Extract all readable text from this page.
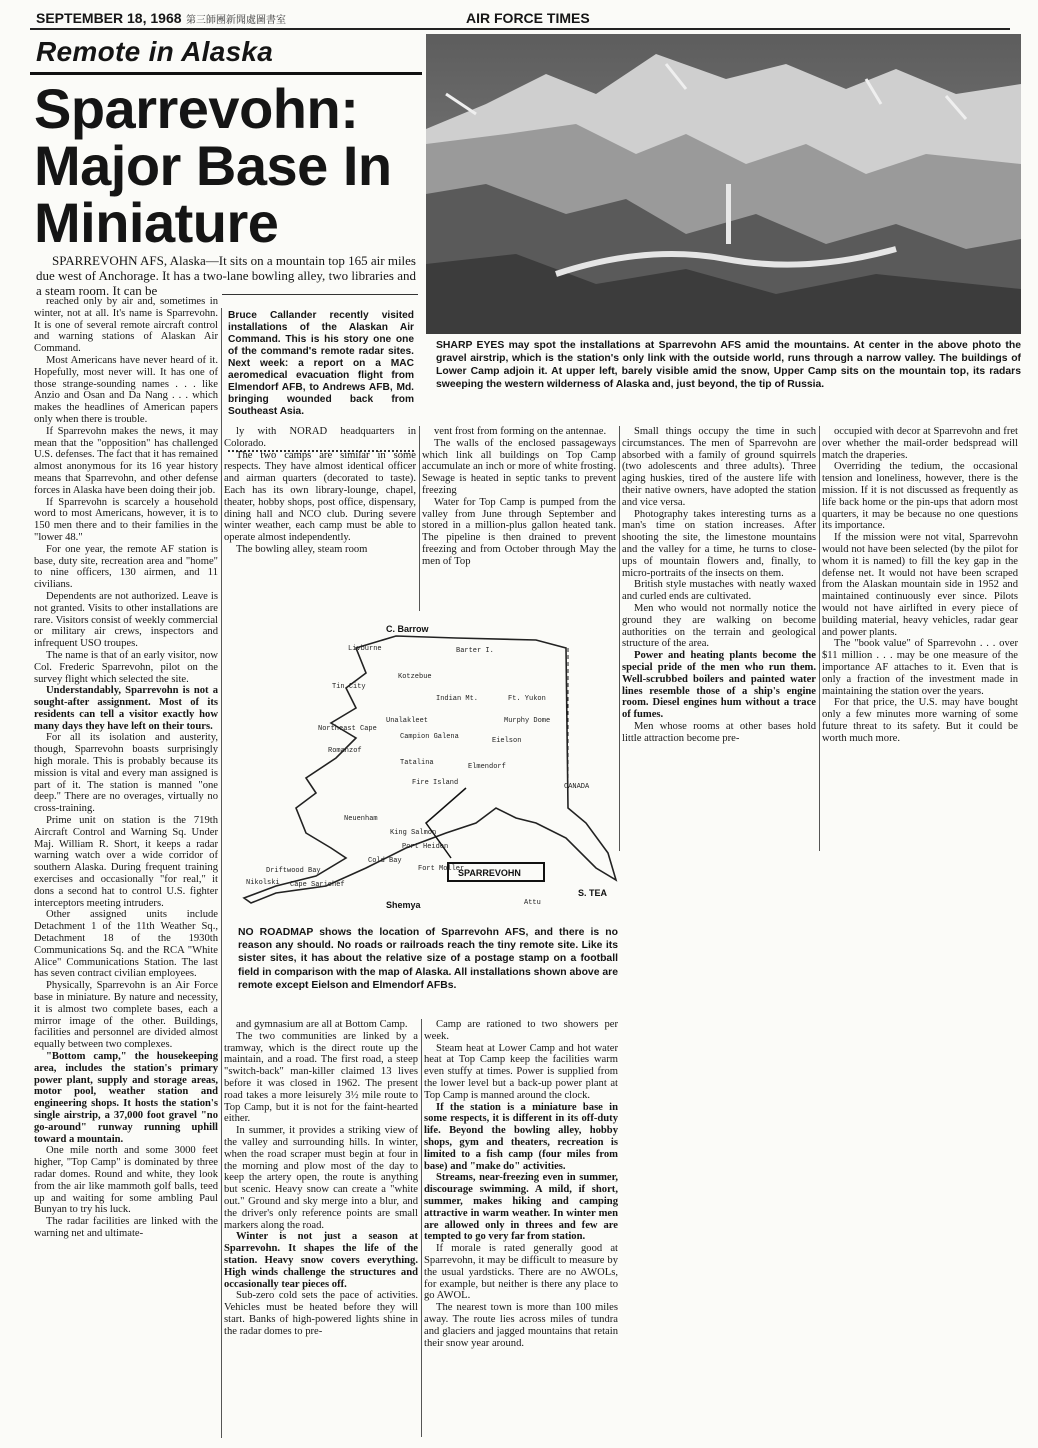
SEPTEMBER 18, 1968 第三師團新聞處圖書室	AIR FORCE TIMES
Remote in Alaska
Sparrevohn: Major Base In Miniature
SHARP EYES may spot the installations at Sparrevohn AFS amid the mountains. At center in the above photo the gravel airstrip, which is the station's only link with the outside world, runs through a narrow valley. The buildings of Lower Camp adjoin it. At upper left, barely visible amid the snow, Upper Camp sits on the mountain top, its radars sweeping the western wilderness of Alaska and, just beyond, the tip of Russia.
SPARREVOHN AFS, Alaska—It sits on a mountain top 165 air miles due west of Anchorage. It has a two-lane bowling alley, two libraries and a steam room. It can be
Bruce Callander recently visited installations of the Alaskan Air Command. This is his story one one of the command's remote radar sites. Next week: a report on a MAC aeromedical evacuation flight from Elmendorf AFB, to Andrews AFB, Md. bringing wounded back from Southeast Asia.

reached only by air and, sometimes in winter, not at all. It's name is Sparrevohn. It is one of several remote aircraft control and warning stations of Alaskan Air Command.

Most Americans have never heard of it. Hopefully, most never will. It has one of those strange-sounding names . . . like Anzio and Osan and Da Nang . . . which makes the headlines of American papers only when there is trouble.

If Sparrevohn makes the news, it may mean that the "opposition" has challenged U.S. defenses. The fact that it has remained almost anonymous for its 16 year history means that Sparrevohn, and other defense forces in Alaska have been doing their job.

If Sparrevohn is scarcely a household word to most Americans, however, it is to 150 men there and to their families in the "lower 48."

For one year, the remote AF station is base, duty site, recreation area and "home" to nine officers, 130 airmen, and 11 civilians.

Dependents are not authorized. Leave is not granted. Visits to other installations are rare. Visitors consist of weekly commercial or military air crews, inspectors and infrequent USO troupes.

The name is that of an early visitor, now Col. Frederic Sparrevohn, pilot on the survey flight which selected the site.

Understandably, Sparrevohn is not a sought-after assignment. Most of its residents can tell a visitor exactly how many days they have left on their tours.

For all its isolation and austerity, though, Sparrevohn boasts surprisingly high morale. This is probably because its mission is vital and every man assigned is part of it. The station is manned "one deep." There are no overages, virtually no cross-training.

Prime unit on station is the 719th Aircraft Control and Warning Sq. Under Maj. William R. Short, it keeps a radar warning watch over a wide corridor of southern Alaska. During frequent training exercises and occasionally "for real," it dons a second hat to control U.S. fighter interceptors meeting intruders.

Other assigned units include Detachment 1 of the 11th Weather Sq., Detachment 18 of the 1930th Communications Sq. and the RCA "White Alice" Communications Station. The last has seven contract civilian employees.

Physically, Sparrevohn is an Air Force base in miniature. By nature and necessity, it is almost two complete bases, each a mirror image of the other. Buildings, facilities and personnel are divided almost equally between two complexes.

"Bottom camp," the housekeeping area, includes the station's primary power plant, supply and storage areas, motor pool, weather station and engineering shops. It hosts the station's single airstrip, a 37,000 foot gravel "no go-around" runway running uphill toward a mountain.

One mile north and some 3000 feet higher, "Top Camp" is dominated by three radar domes. Round and white, they look from the air like mammoth golf balls, teed up and waiting for some ambling Paul Bunyan to try his luck.

The radar facilities are linked with the warning net and ultimate-

ly with NORAD headquarters in Colorado.

The two camps are similar in some respects. They have almost identical officer and airman quarters (decorated to taste). Each has its own library-lounge, chapel, theater, hobby shops, post office, dispensary, dining hall and NCO club. During severe winter weather, each camp must be able to operate almost independently.

The bowling alley, steam room

vent frost from forming on the antennae.

The walls of the enclosed passageways which link all buildings on Top Camp accumulate an inch or more of white frosting. Sewage is heated in septic tanks to prevent freezing

Water for Top Camp is pumped from the valley from June through September and stored in a million-plus gallon heated tank. The pipeline is then drained to prevent freezing and from October through May the men of Top

Small things occupy the time in such circumstances. The men of Sparrevohn are absorbed with a family of ground squirrels (two adolescents and three adults). Three aging huskies, tired of the austere life with their native owners, have adopted the station and vice versa.

Photography takes interesting turns as a man's time on station increases. After shooting the site, the limestone mountains and the valley for a time, he turns to close-ups of mountain flowers and, finally, to micro-portraits of the insects on them.

British style mustaches with neatly waxed and curled ends are cultivated.

Men who would not normally notice the ground they are walking on become authorities on the terrain and geological structure of the area.

Power and heating plants become the special pride of the men who run them. Well-scrubbed boilers and painted water lines resemble those of a ship's engine room. Diesel engines hum without a trace of fumes.

Men whose rooms at other bases hold little attraction become pre-

occupied with decor at Sparrevohn and fret over whether the mail-order bedspread will match the draperies.

Overriding the tedium, the occasional tension and loneliness, however, there is the mission. If it is not discussed as frequently as life back home or the pin-ups that adorn most quarters, it may be because no one questions its importance.

If the mission were not vital, Sparrevohn would not have been selected (by the pilot for whom it is named) to fill the key gap in the defense net. It would not have been scraped from the Alaskan mountain side in 1952 and maintained continuously ever since. Pilots would not have airlifted in every piece of building material, heavy vehicles, radar gear and power plants.

The "book value" of Sparrevohn . . . over $11 million . . . may be one measure of the importance AF attaches to it. Even that is only a fraction of the investment made in maintaining the station over the years.

For that price, the U.S. may have bought only a few minutes more warning of some future threat to its safety. But it could be worth much more.

and gymnasium are all at Bottom Camp.

The two communities are linked by a tramway, which is the direct route up the maintain, and a road. The first road, a steep "switch-back" man-killer claimed 13 lives before it was closed in 1962. The present road takes a more leisurely 3½ mile route to Top Camp, but it is not for the faint-hearted either.

In summer, it provides a striking view of the valley and surrounding hills. In winter, when the road scraper must begin at four in the morning and plow most of the day to keep the artery open, the route is anything but scenic. Heavy snow can create a "white out." Ground and sky merge into a blur, and the driver's only reference points are small markers along the road.

Winter is not just a season at Sparrevohn. It shapes the life of the station. Heavy snow covers everything. High winds challenge the structures and occasionally tear pieces off.

Sub-zero cold sets the pace of activities. Vehicles must be heated before they will start. Banks of high-powered lights shine in the radar domes to pre-

Camp are rationed to two showers per week.

Steam heat at Lower Camp and hot water heat at Top Camp keep the facilities warm even stuffy at times. Power is supplied from the lower level but a back-up power plant at Top Camp is manned around the clock.

If the station is a miniature base in some respects, it is different in its off-duty life. Beyond the bowling alley, hobby shops, gym and theaters, recreation is limited to a fish camp (four miles from base) and "make do" activities.

Streams, near-freezing even in summer, discourage swimming. A mild, if short, summer, makes hiking and camping attractive in warm weather. In winter men are allowed only in threes and few are tempted to go very far from station.

If morale is rated generally good at Sparrevohn, it may be difficult to measure by the usual yardsticks. There are no AWOLs, for example, but neither is there any place to go AWOL.

The nearest town is more than 100 miles away. The route lies across miles of tundra and glaciers and jagged mountains that retain their snow year around.

C. Barrow
Livburne	Barter I.
Kotzebue
Tin City
Indian Mt.	Ft. Yukon
Northeast Cape
Unalakleet	Murphy Dome
Campion Galena	Eielson
Romanzof
Tatalina	Elmendorf
Fire Island
Neuenham
King Salmon
Port Heiden
Cold Bay
Fort Moller
Driftwood Bay
Nikolski Cape Sarichef
Shemya	Attu
CANADA
S. TEA
SPARREVOHN
NO ROADMAP shows the location of Sparrevohn AFS, and there is no reason any should. No roads or railroads reach the tiny remote site. Like its sister sites, it has about the relative size of a postage stamp on a football field in comparison with the map of Alaska. All installations shown above are remote except Eielson and Elmendorf AFBs.
